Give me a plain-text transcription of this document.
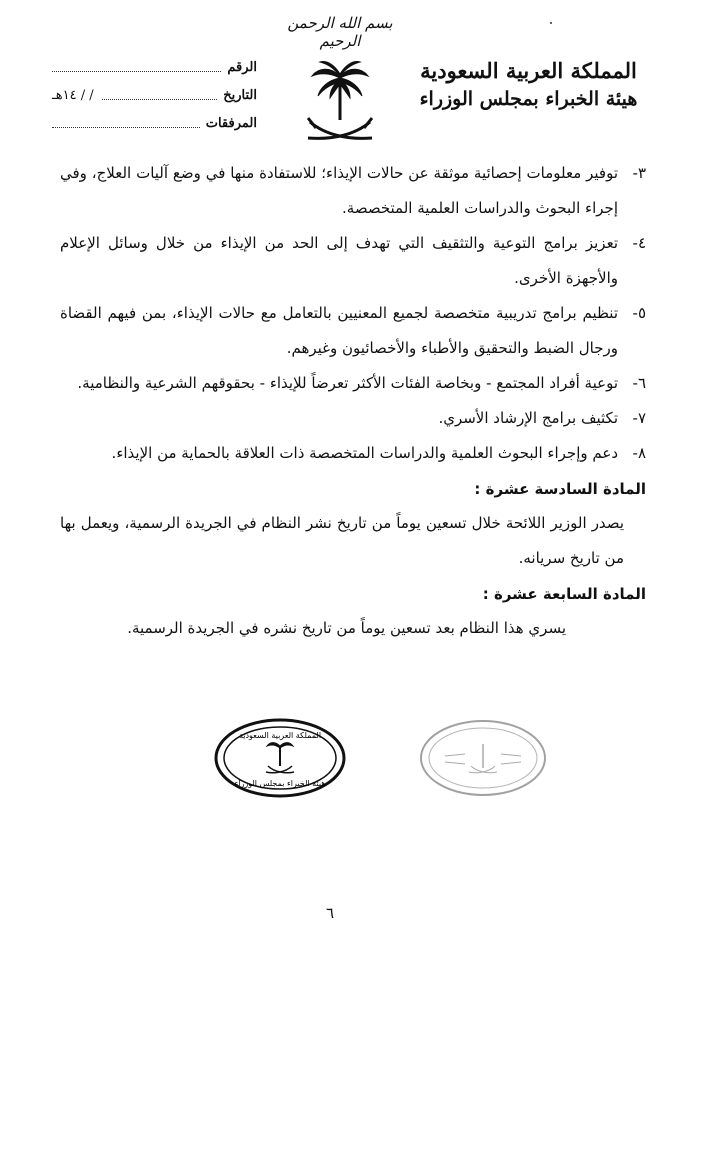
بسم الله الرحمن الرحيم
المملكة العربية السعودية
هيئة الخبراء بمجلس الوزراء
الرقم
التاريخ
/ / ١٤هـ
المرفقات
٣-
توفير معلومات إحصائية موثقة عن حالات الإيذاء؛ للاستفادة منها في وضع آليات العلاج، وفي إجراء البحوث والدراسات العلمية المتخصصة.
٤-
تعزيز برامج التوعية والتثقيف التي تهدف إلى الحد من الإيذاء من خلال وسائل الإعلام والأجهزة الأخرى.
٥-
تنظيم برامج تدريبية متخصصة لجميع المعنيين بالتعامل مع حالات الإيذاء، بمن فيهم القضاة ورجال الضبط والتحقيق والأطباء والأخصائيون وغيرهم.
٦-
توعية أفراد المجتمع - وبخاصة الفئات الأكثر تعرضاً للإيذاء - بحقوقهم الشرعية والنظامية.
٧-
تكثيف برامج الإرشاد الأسري.
٨-
دعم وإجراء البحوث العلمية والدراسات المتخصصة ذات العلاقة بالحماية من الإيذاء.
المادة السادسة عشرة :
يصدر الوزير اللائحة خلال تسعين يوماً من تاريخ نشر النظام في الجريدة الرسمية، ويعمل بها من تاريخ سريانه.
المادة السابعة عشرة :
يسري هذا النظام بعد تسعين يوماً من تاريخ نشره في الجريدة الرسمية.
المملكة العربية السعودية
هيئة الخبراء بمجلس الوزراء
٦
